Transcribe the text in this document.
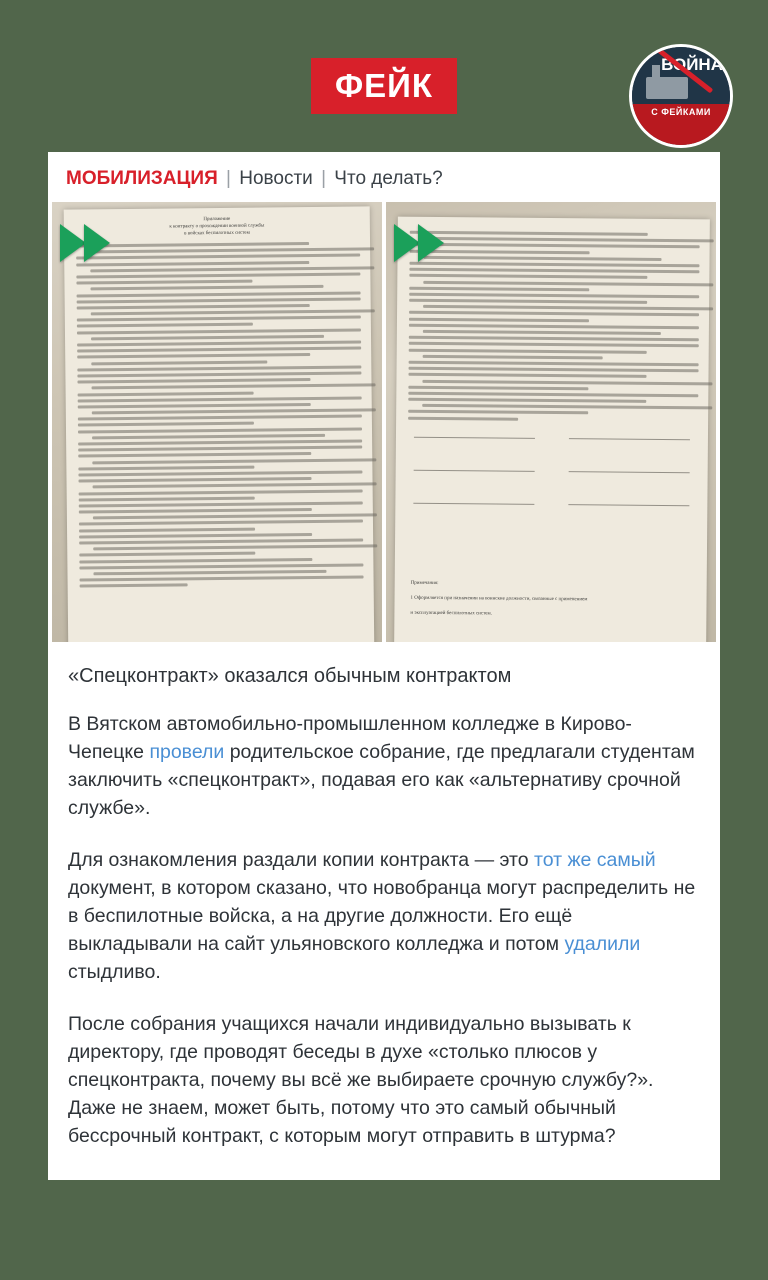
ФЕЙК
ВОЙНА
С ФЕЙКАМИ
МОБИЛИЗАЦИЯ | Новости | Что делать?
Приложение
к контракту о прохождении военной службы
в войсках беспилотных систем
Примечания:
1 Оформляется при назначении на воинские должности, связанные с применением
и эксплуатацией беспилотных систем.
«Спецконтракт» оказался обычным контрактом

В Вятском автомобильно-промышленном колледже в Кирово-Чепецке провели родительское собрание, где предлагали студентам заключить «спецконтракт», подавая его как «альтернативу срочной службе».

Для ознакомления раздали копии контракта — это тот же самый документ, в котором сказано, что новобранца могут распределить не в беспилотные войска, а на другие должности. Его ещё выкладывали на сайт ульяновского колледжа и потом удалили стыдливо.

После собрания учащихся начали индивидуально вызывать к директору, где проводят беседы в духе «столько плюсов у спецконтракта, почему вы всё же выбираете срочную службу?». Даже не знаем, может быть, потому что это самый обычный бессрочный контракт, с которым могут отправить в штурма?
